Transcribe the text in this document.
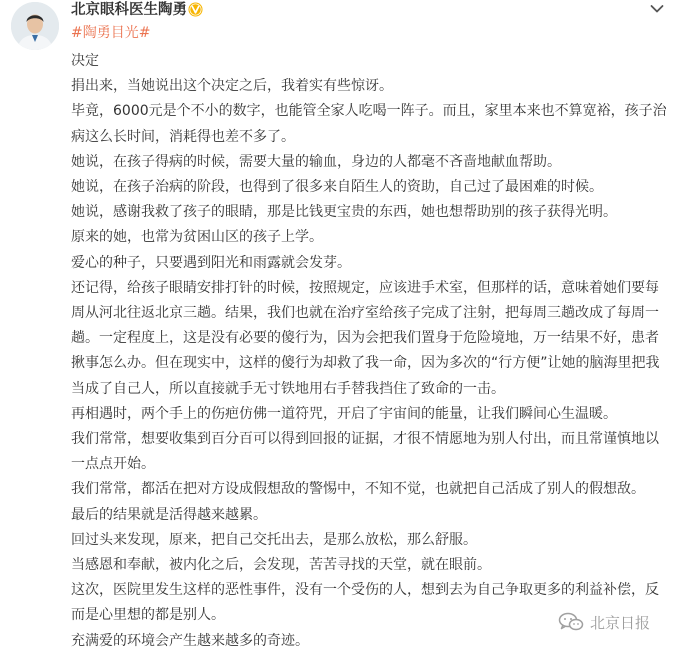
北京眼科医生陶勇
#陶勇目光#

决定

捐出来，当她说出这个决定之后，我着实有些惊讶。

毕竟，6000元是个不小的数字，也能管全家人吃喝一阵子。而且，家里本来也不算宽裕，孩子治

病这么长时间，消耗得也差不多了。

她说，在孩子得病的时候，需要大量的输血，身边的人都毫不吝啬地献血帮助。

她说，在孩子治病的阶段，也得到了很多来自陌生人的资助，自己过了最困难的时候。

她说，感谢我救了孩子的眼睛，那是比钱更宝贵的东西，她也想帮助别的孩子获得光明。

原来的她，也常为贫困山区的孩子上学。

爱心的种子，只要遇到阳光和雨露就会发芽。

还记得，给孩子眼睛安排打针的时候，按照规定，应该进手术室，但那样的话，意味着她们要每

周从河北往返北京三趟。结果，我们也就在治疗室给孩子完成了注射，把每周三趟改成了每周一

趟。一定程度上，这是没有必要的傻行为，因为会把我们置身于危险境地，万一结果不好，患者

揪事怎么办。但在现实中，这样的傻行为却救了我一命，因为多次的“行方便”让她的脑海里把我

当成了自己人，所以直接就手无寸铁地用右手替我挡住了致命的一击。

再相遇时，两个手上的伤疤仿佛一道符咒，开启了宇宙间的能量，让我们瞬间心生温暖。

我们常常，想要收集到百分百可以得到回报的证据，才很不情愿地为别人付出，而且常谨慎地以

一点点开始。

我们常常，都活在把对方设成假想敌的警惕中，不知不觉，也就把自己活成了别人的假想敌。

最后的结果就是活得越来越累。

回过头来发现，原来，把自己交托出去，是那么放松，那么舒服。

当感恩和奉献，被内化之后，会发现，苦苦寻找的天堂，就在眼前。

这次，医院里发生这样的恶性事件，没有一个受伤的人，想到去为自己争取更多的利益补偿，反

而是心里想的都是别人。

充满爱的环境会产生越来越多的奇迹。

北京日报
